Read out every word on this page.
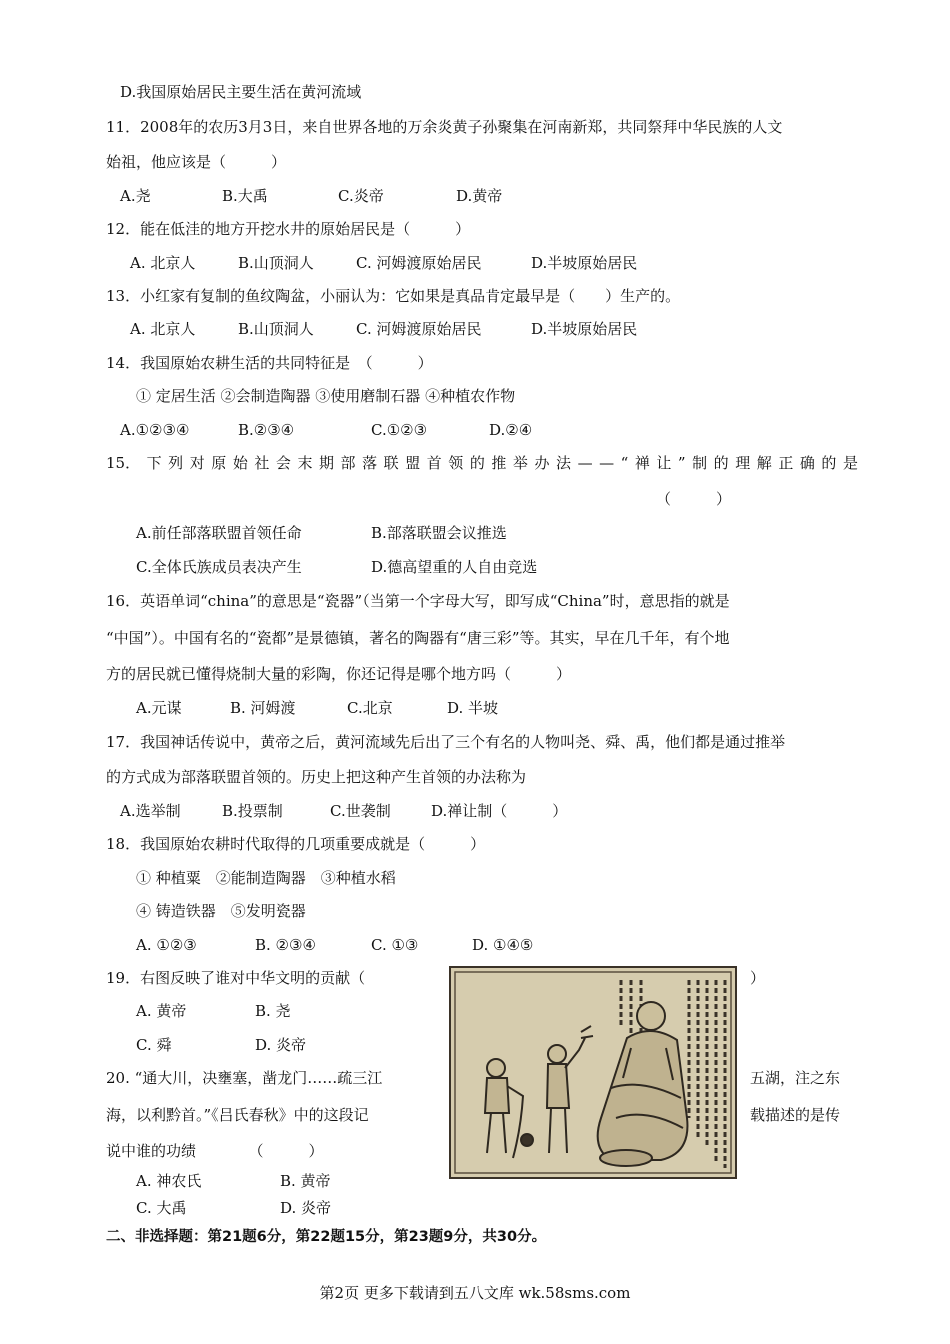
D.我国原始居民主要生活在黄河流域
11．2008年的农历3月3日，来自世界各地的万余炎黄子孙聚集在河南新郑，共同祭拜中华民族的人文
始祖，他应该是（　　　）
A.尧	B.大禹	C.炎帝	D.黄帝
12．能在低洼的地方开挖水井的原始居民是（　　　）
A. 北京人	B.山顶洞人	C. 河姆渡原始居民	D.半坡原始居民
13．小红家有复制的鱼纹陶盆，小丽认为：它如果是真品肯定最早是（　　）生产的。
A. 北京人	B.山顶洞人	C. 河姆渡原始居民	D.半坡原始居民
14．我国原始农耕生活的共同特征是　（　　　）
① 定居生活 ②会制造陶器 ③使用磨制石器 ④种植农作物
A.①②③④	B.②③④	C.①②③	D.②④
15． 下 列 对 原 始 社 会 末 期 部 落 联 盟 首 领 的 推 举 办 法 — — “ 禅 让 ” 制 的 理 解 正 确 的 是
（　　　）
A.前任部落联盟首领任命	B.部落联盟会议推选
C.全体氏族成员表决产生	D.德高望重的人自由竞选
16．英语单词“china”的意思是“瓷器”（当第一个字母大写，即写成“China”时，意思指的就是
“中国”）。中国有名的“瓷都”是景德镇，著名的陶器有“唐三彩”等。其实，早在几千年，有个地
方的居民就已懂得烧制大量的彩陶，你还记得是哪个地方吗（　　　）
A.元谋	B. 河姆渡	C.北京	D. 半坡
17．我国神话传说中，黄帝之后，黄河流域先后出了三个有名的人物叫尧、舜、禹，他们都是通过推举
的方式成为部落联盟首领的。历史上把这种产生首领的办法称为
A.选举制	B.投票制	C.世袭制	D.禅让制（　　　）
18．我国原始农耕时代取得的几项重要成就是（　　　）
① 种植粟　②能制造陶器　③种植水稻
④ 铸造铁器　⑤发明瓷器
A. ①②③	B. ②③④	C. ①③	D. ①④⑤
19．右图反映了谁对中华文明的贡献（	）
A. 黄帝	B. 尧
C. 舜	D. 炎帝
20. “通大川，决壅塞，凿龙门……疏三江	五湖，注之东
海，以利黔首。”《吕氏春秋》中的这段记	载描述的是传
说中谁的功绩　　　　（　　　）
A. 神农氏	B. 黄帝
C. 大禹	D. 炎帝
二、非选择题：第21题6分，第22题15分，第23题9分，共30分。
第2页 更多下载请到五八文库 wk.58sms.com
